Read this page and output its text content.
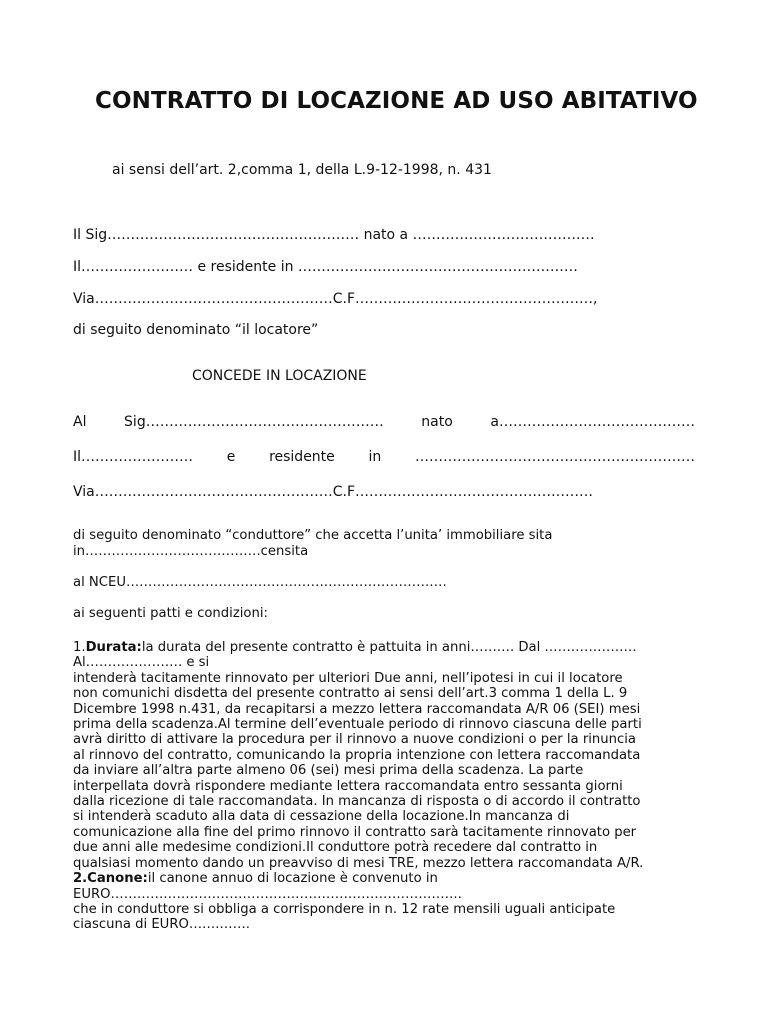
CONTRATTO DI LOCAZIONE AD USO ABITATIVO

ai sensi dell’art. 2,comma 1, della L.9-12-1998, n. 431

Il Sig……………………………………………… nato a …………………………………

Il…………………… e residente in ……………………………………………………

Via……………………………………………C.F……………………………………………,

di seguito denominato “il locatore”

CONCEDE IN LOCAZIONE

Al	Sig……………………………………………	nato	a……………………………………
Il…………………… e residente in ……………………………………………………

Via……………………………………………C.F……………………………………………

di seguito denominato “conduttore” che accetta l’unita’ immobiliare sita

in………………………………….censita

al NCEU……………………………………………………………….

ai seguenti patti e condizioni:

1.Durata:la durata del presente contratto è pattuita in anni………. Dal …………………
Al…………………. e si
intenderà tacitamente rinnovato per ulteriori Due anni, nell’ipotesi in cui il locatore
non comunichi disdetta del presente contratto ai sensi dell’art.3 comma 1 della L. 9
Dicembre 1998 n.431, da recapitarsi a mezzo lettera raccomandata A/R 06 (SEI) mesi
prima della scadenza.Al termine dell’eventuale periodo di rinnovo ciascuna delle parti
avrà diritto di attivare la procedura per il rinnovo a nuove condizioni o per la rinuncia
al rinnovo del contratto, comunicando la propria intenzione con lettera raccomandata
da inviare all’altra parte almeno 06 (sei) mesi prima della scadenza. La parte
interpellata dovrà rispondere mediante lettera raccomandata entro sessanta giorni
dalla ricezione di tale raccomandata. In mancanza di risposta o di accordo il contratto
si intenderà scaduto alla data di cessazione della locazione.In mancanza di
comunicazione alla fine del primo rinnovo il contratto sarà tacitamente rinnovato per
due anni alle medesime condizioni.Il conduttore potrà recedere dal contratto in
qualsiasi momento dando un preavviso di mesi TRE, mezzo lettera raccomandata A/R.
2.Canone:il canone annuo di locazione è convenuto in
EURO……………………………………………………………………..
che in conduttore si obbliga a corrispondere in n. 12 rate mensili uguali anticipate
ciascuna di EURO…….…….
